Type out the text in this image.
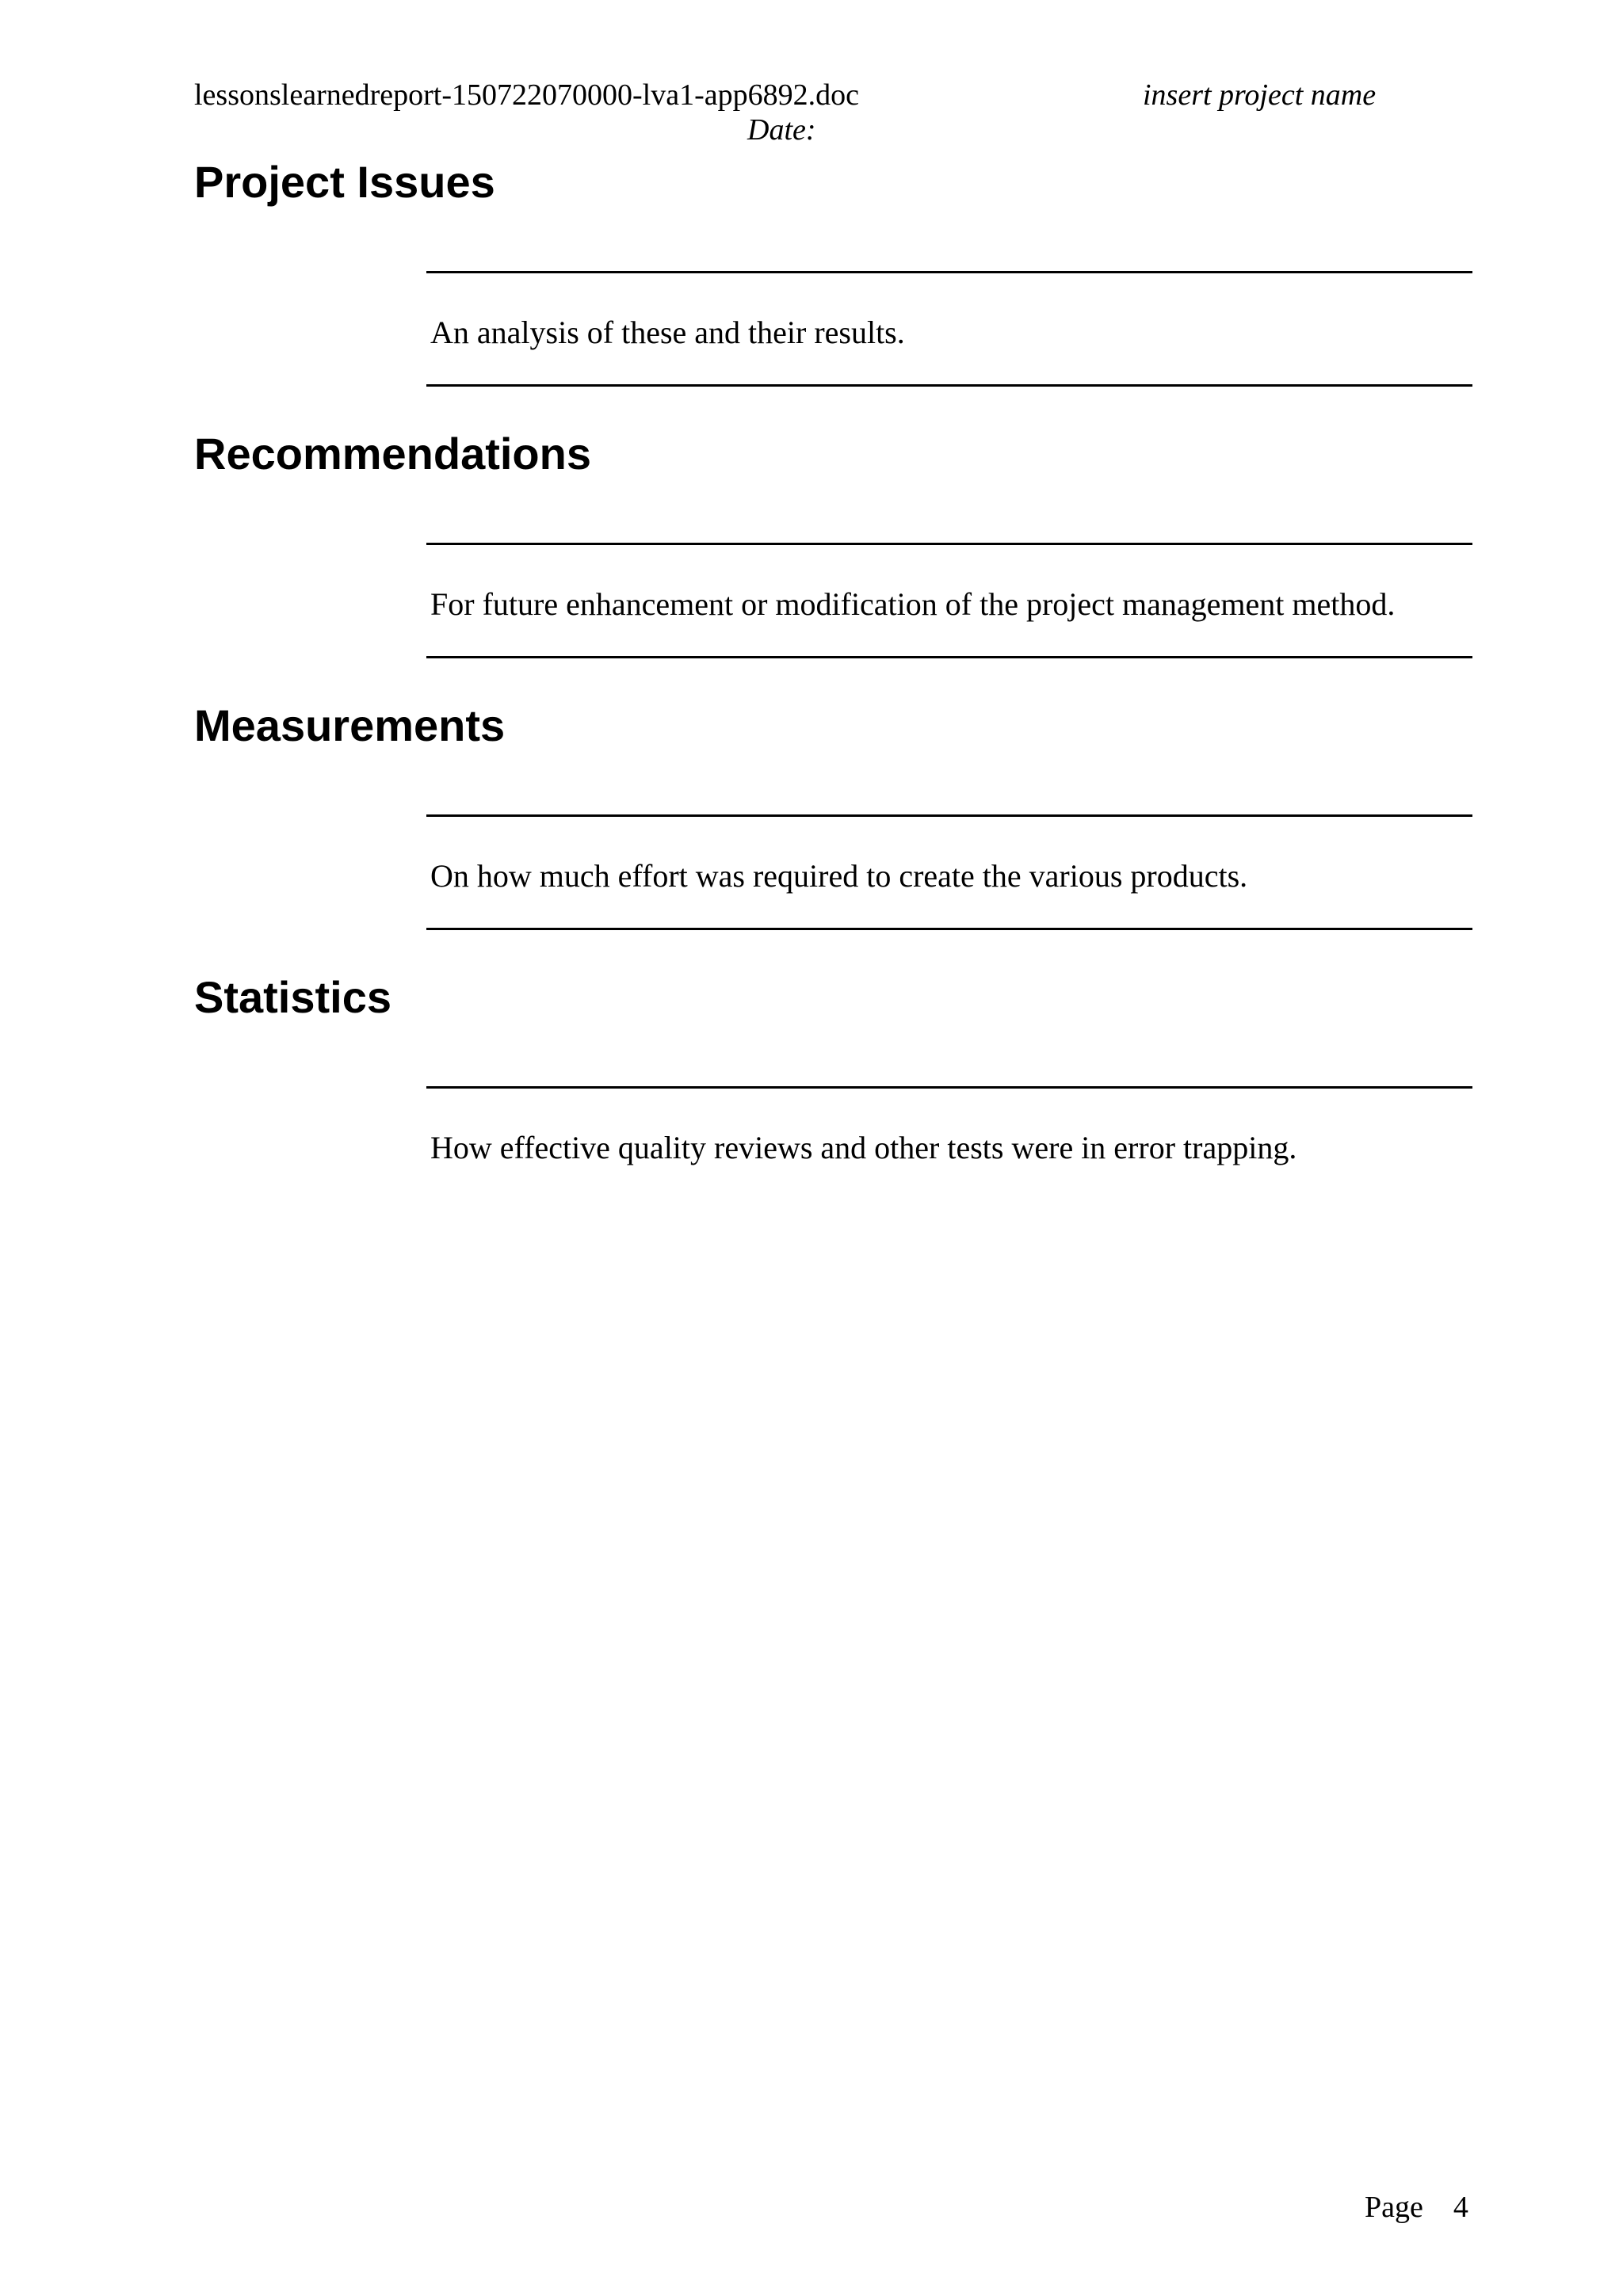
lessonslearnedreport-150722070000-lva1-app6892.doc	insert project name
Date:
Project Issues
An analysis of these and their results.
Recommendations
For future enhancement or modification of the project management method.
Measurements
On how much effort was required to create the various products.
Statistics
How effective quality reviews and other tests were in error trapping.
Page 4
